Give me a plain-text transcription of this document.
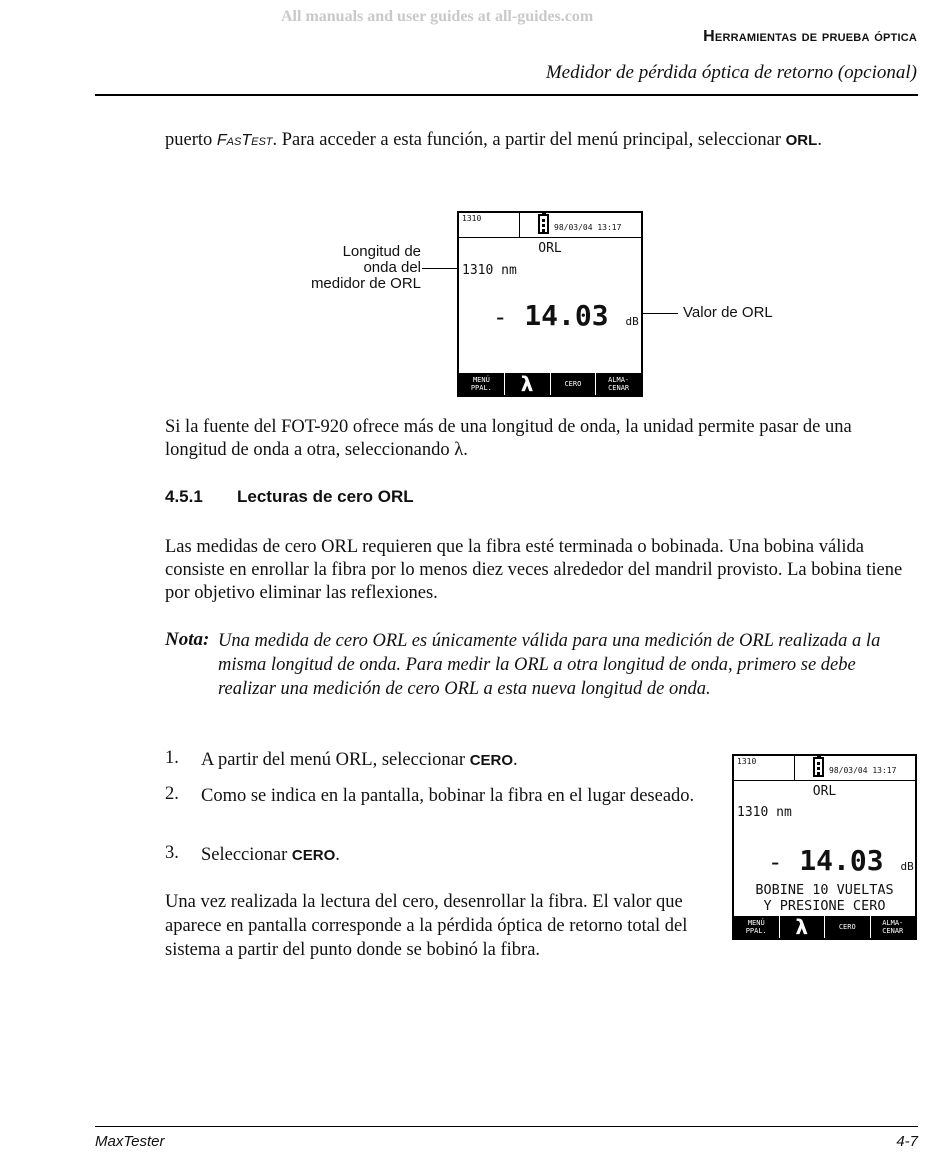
All manuals and user guides at all-guides.com
Herramientas de prueba óptica
Medidor de pérdida óptica de retorno (opcional)

puerto FasTest. Para acceder a esta función, a partir del menú principal, seleccionar ORL.

Longitud de
onda del
medidor de ORL
Valor de ORL
1310
98/03/04 13:17
ORL
1310 nm
- 14.03 dB
MENÚ
PPAL.	λ	CERO	ALMA-
CENAR

Si la fuente del FOT-920 ofrece más de una longitud de onda, la unidad permite pasar de una longitud de onda a otra, seleccionando λ.

4.5.1 Lecturas de cero ORL

Las medidas de cero ORL requieren que la fibra esté terminada o bobinada. Una bobina válida consiste en enrollar la fibra por lo menos diez veces alrededor del mandril provisto. La bobina tiene por objetivo eliminar las reflexiones.

Nota: Una medida de cero ORL es únicamente válida para una medición de ORL realizada a la misma longitud de onda. Para medir la ORL a otra longitud de onda, primero se debe realizar una medición de cero ORL a esta nueva longitud de onda.
1. A partir del menú ORL, seleccionar CERO.
2. Como se indica en la pantalla, bobinar la fibra en el lugar deseado.
3. Seleccionar CERO.
Una vez realizada la lectura del cero, desenrollar la fibra. El valor que aparece en pantalla corresponde a la pérdida óptica de retorno total del sistema a partir del punto donde se bobinó la fibra.
1310
98/03/04 13:17
ORL
1310 nm
- 14.03 dB
BOBINE 10 VUELTAS
Y PRESIONE CERO
MENÚ
PPAL.	λ	CERO	ALMA-
CENAR
MaxTester	4-7
